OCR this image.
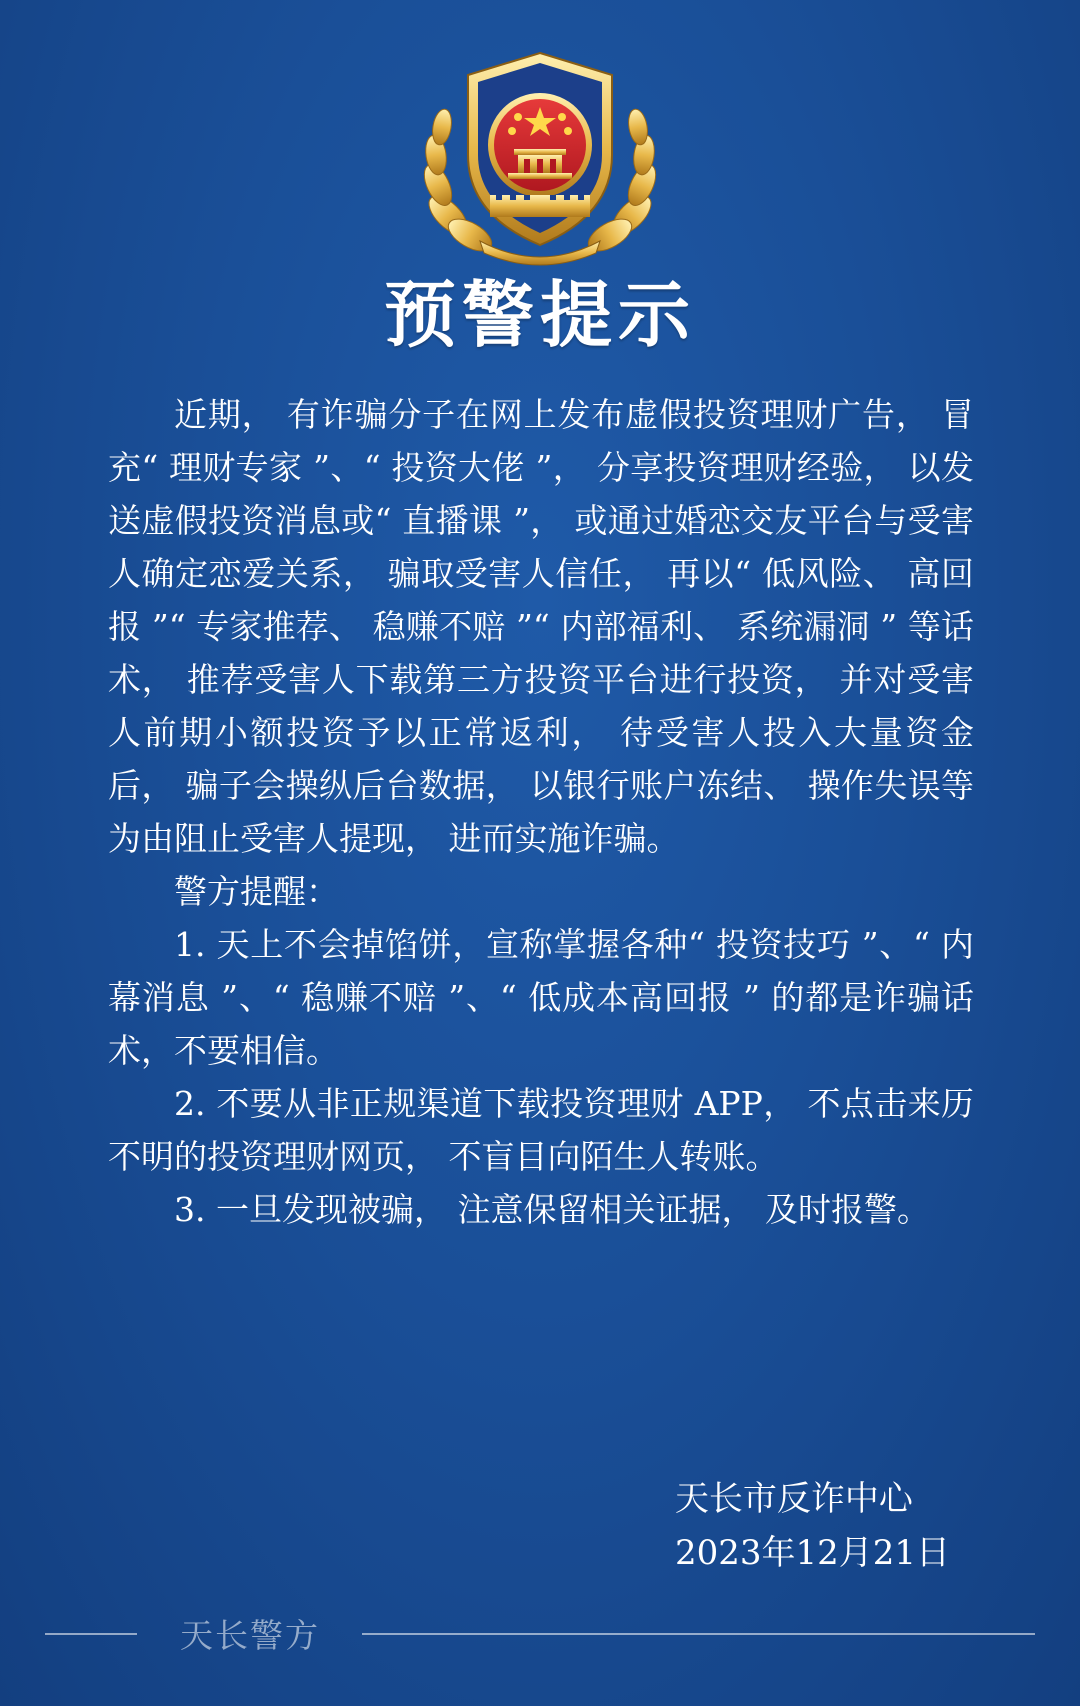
预警提示

近期， 有诈骗分子在网上发布虚假投资理财广告， 冒充“ 理财专家 ”、“ 投资大佬 ”， 分享投资理财经验， 以发送虚假投资消息或“ 直播课 ”， 或通过婚恋交友平台与受害人确定恋爱关系， 骗取受害人信任， 再以“ 低风险、 高回报 ”“ 专家推荐、 稳赚不赔 ”“ 内部福利、 系统漏洞 ” 等话术， 推荐受害人下载第三方投资平台进行投资， 并对受害人前期小额投资予以正常返利， 待受害人投入大量资金后， 骗子会操纵后台数据， 以银行账户冻结、 操作失误等为由阻止受害人提现， 进而实施诈骗。

警方提醒：

1. 天上不会掉馅饼，宣称掌握各种“ 投资技巧 ”、“ 内幕消息 ”、“ 稳赚不赔 ”、“ 低成本高回报 ” 的都是诈骗话术，不要相信。

2. 不要从非正规渠道下载投资理财 APP， 不点击来历不明的投资理财网页， 不盲目向陌生人转账。

3. 一旦发现被骗， 注意保留相关证据， 及时报警。

天长市反诈中心
2023年12月21日
天长警方
